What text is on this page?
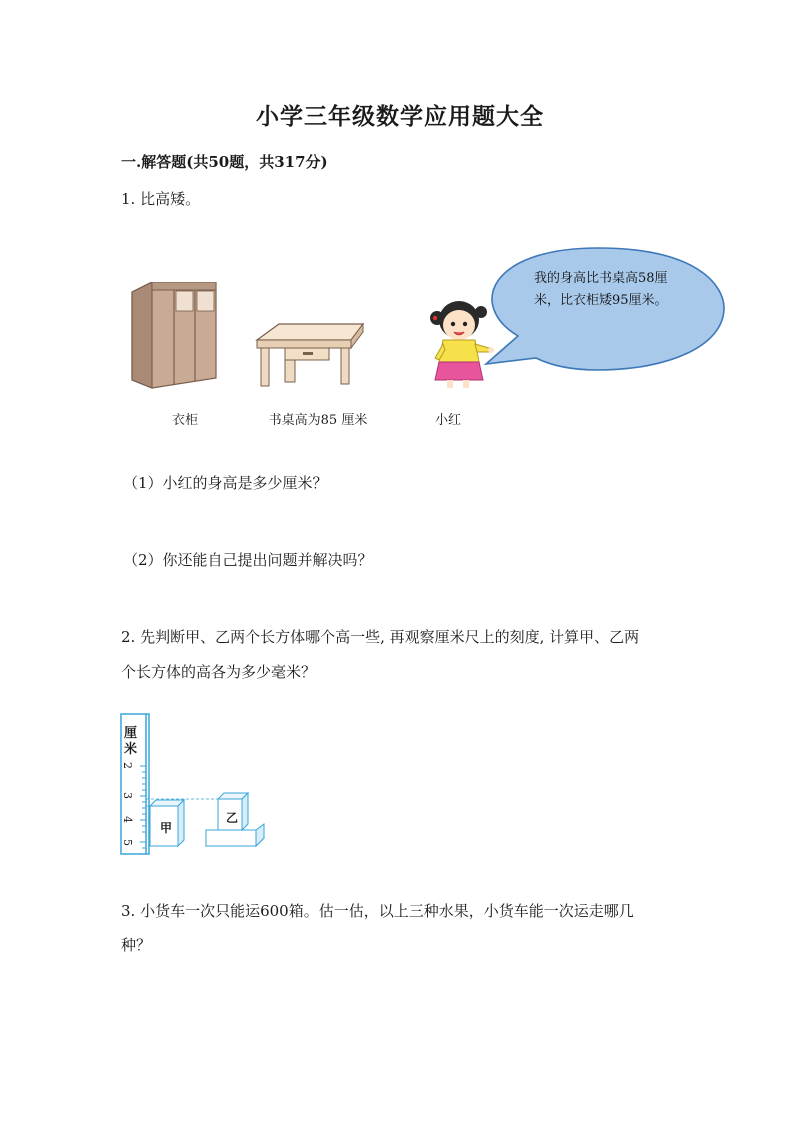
小学三年级数学应用题大全
一.解答题(共50题，共317分)
1. 比高矮。
衣柜	书桌高为85 厘米	小红
我的身高比书桌高58厘
米，比衣柜矮95厘米。
（1）小红的身高是多少厘米？
（2）你还能自己提出问题并解决吗？
2. 先判断甲、乙两个长方体哪个高一些, 再观察厘米尺上的刻度, 计算甲、乙两
个长方体的高各为多少毫米？
厘
米
2
3
4
5
甲
乙
3. 小货车一次只能运600箱。估一估，以上三种水果，小货车能一次运走哪几
种？
